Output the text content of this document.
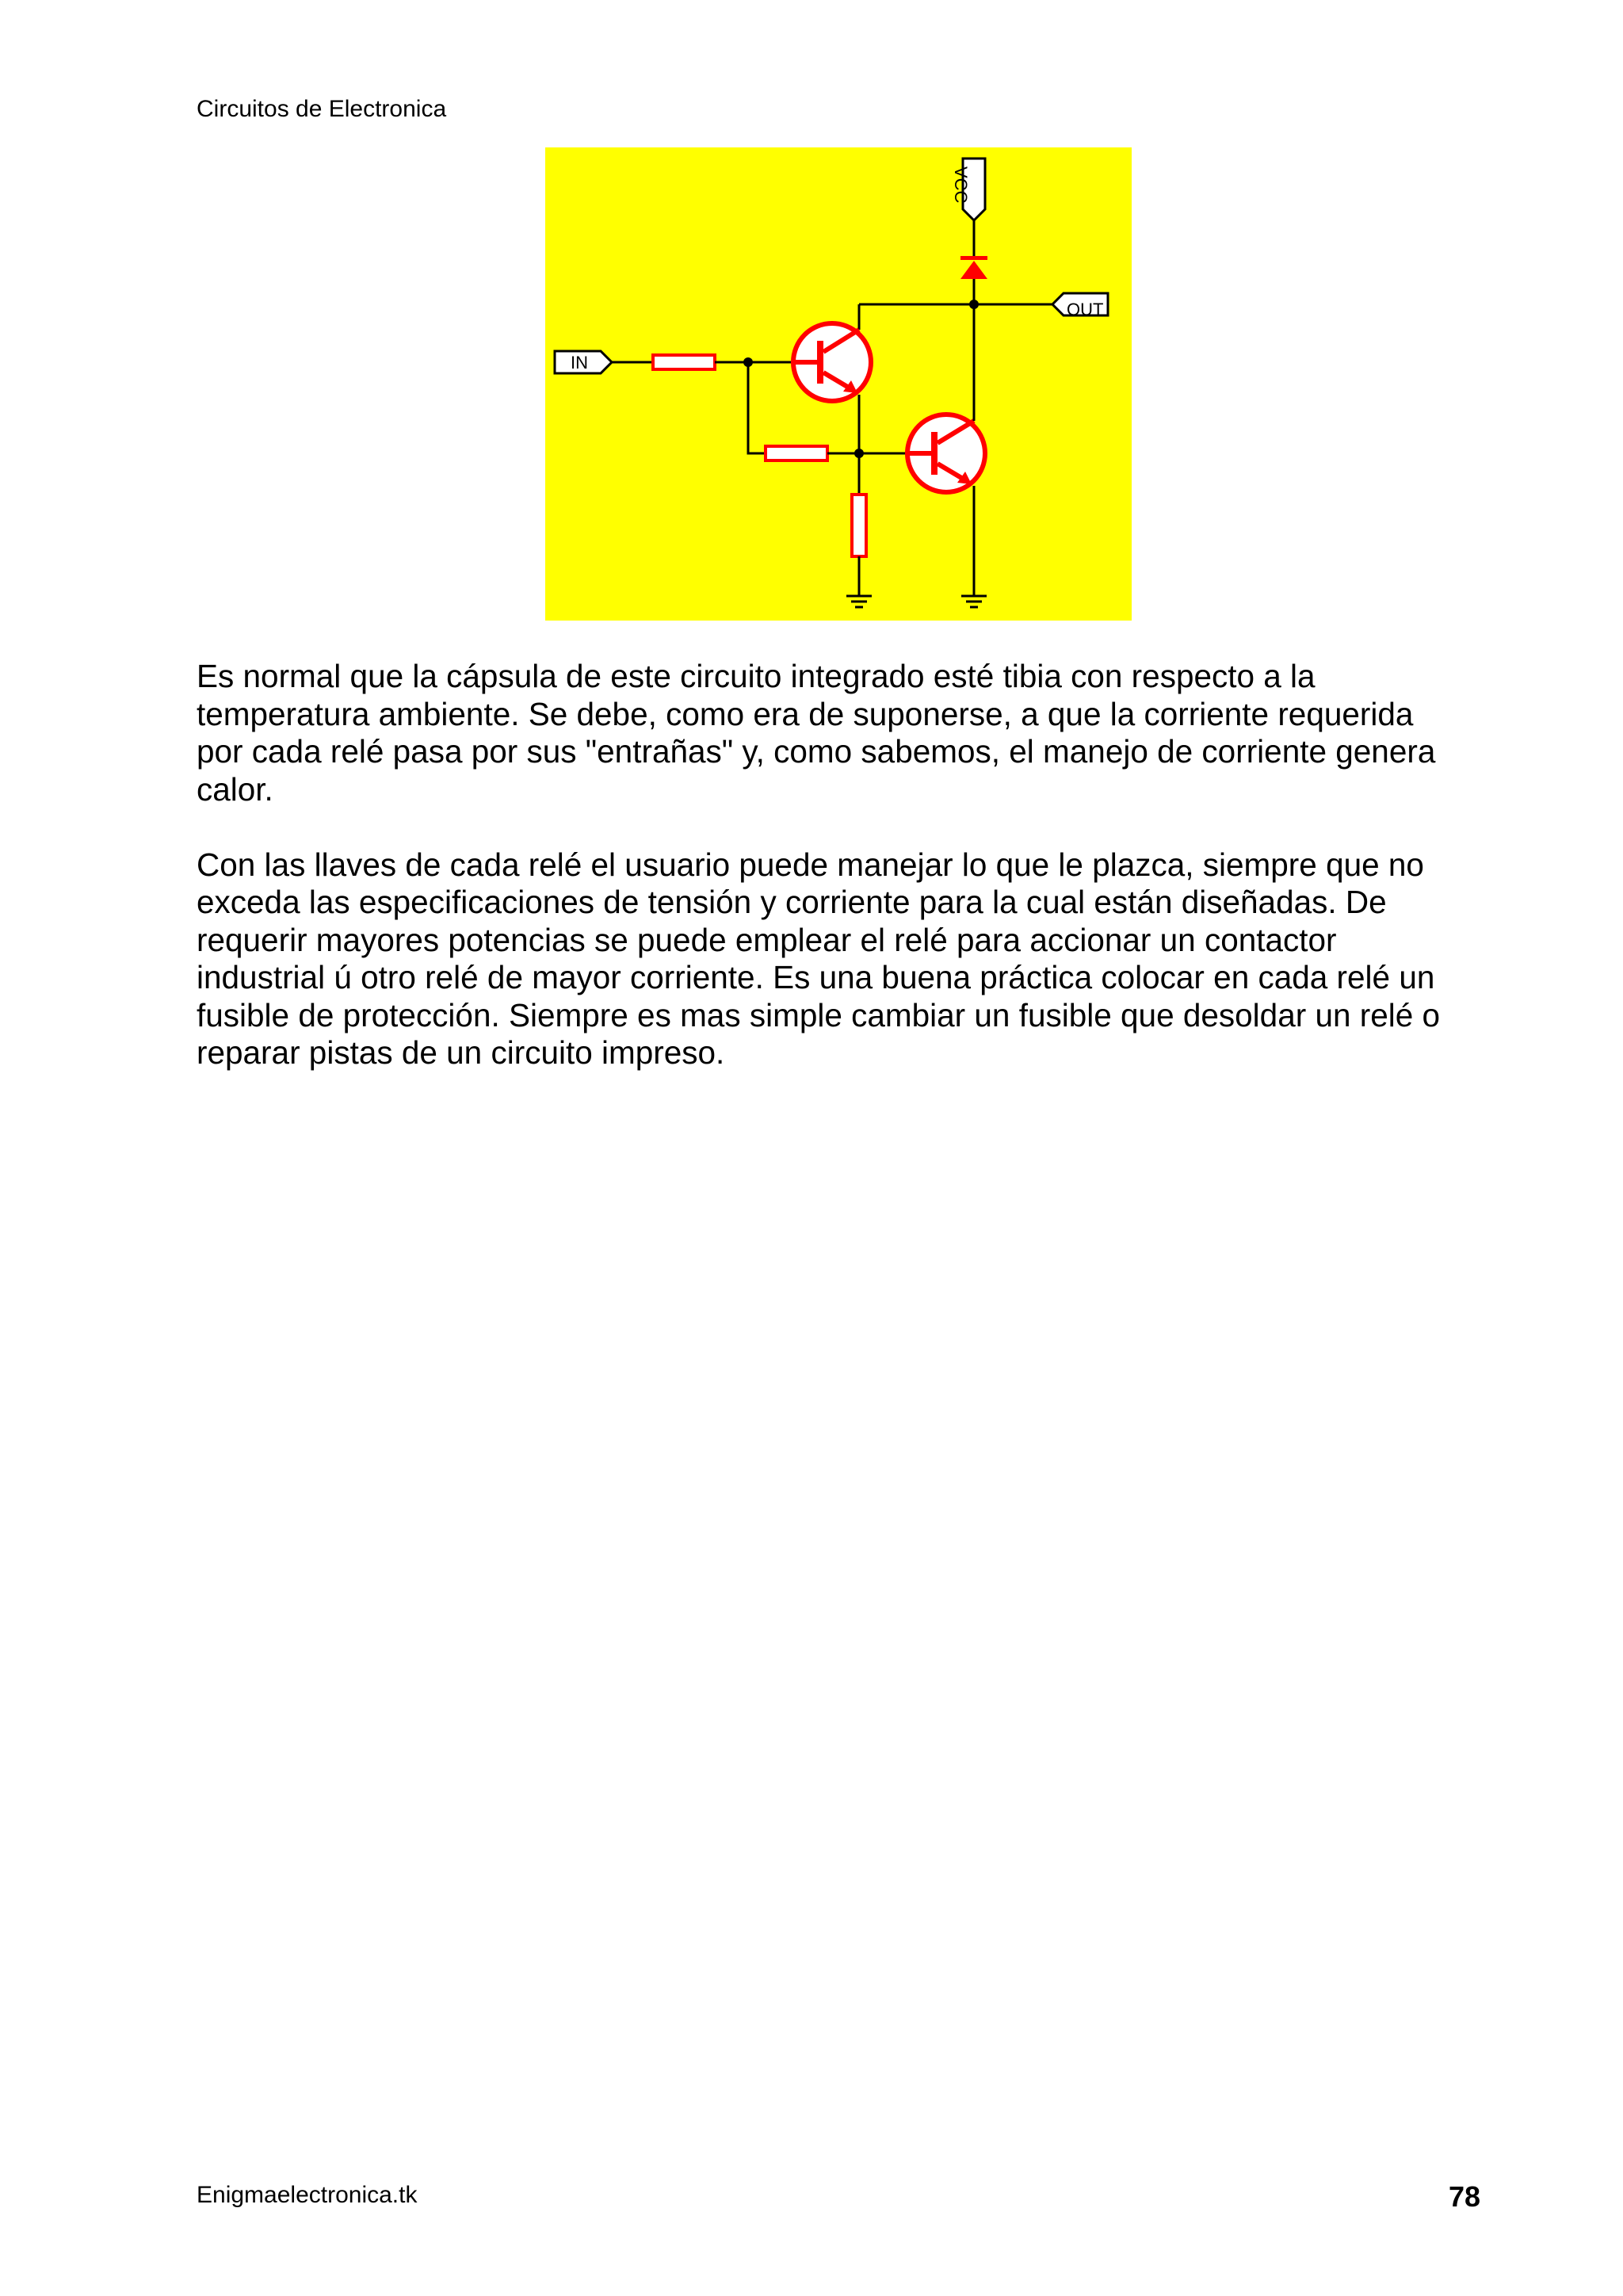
Circuitos de Electronica
VCC
OUT
IN

Es normal que la cápsula de este circuito integrado esté tibia con respecto a la
temperatura ambiente. Se debe, como era de suponerse, a que la corriente requerida
por cada relé pasa por sus "entrañas" y, como sabemos, el manejo de corriente genera
calor.

Con las llaves de cada relé el usuario puede manejar lo que le plazca, siempre que no
exceda las especificaciones de tensión y corriente para la cual están diseñadas. De
requerir mayores potencias se puede emplear el relé para accionar un contactor
industrial ú otro relé de mayor corriente. Es una buena práctica colocar en cada relé un
fusible de protección. Siempre es mas simple cambiar un fusible que desoldar un relé o
reparar pistas de un circuito impreso.

Enigmaelectronica.tk	78
